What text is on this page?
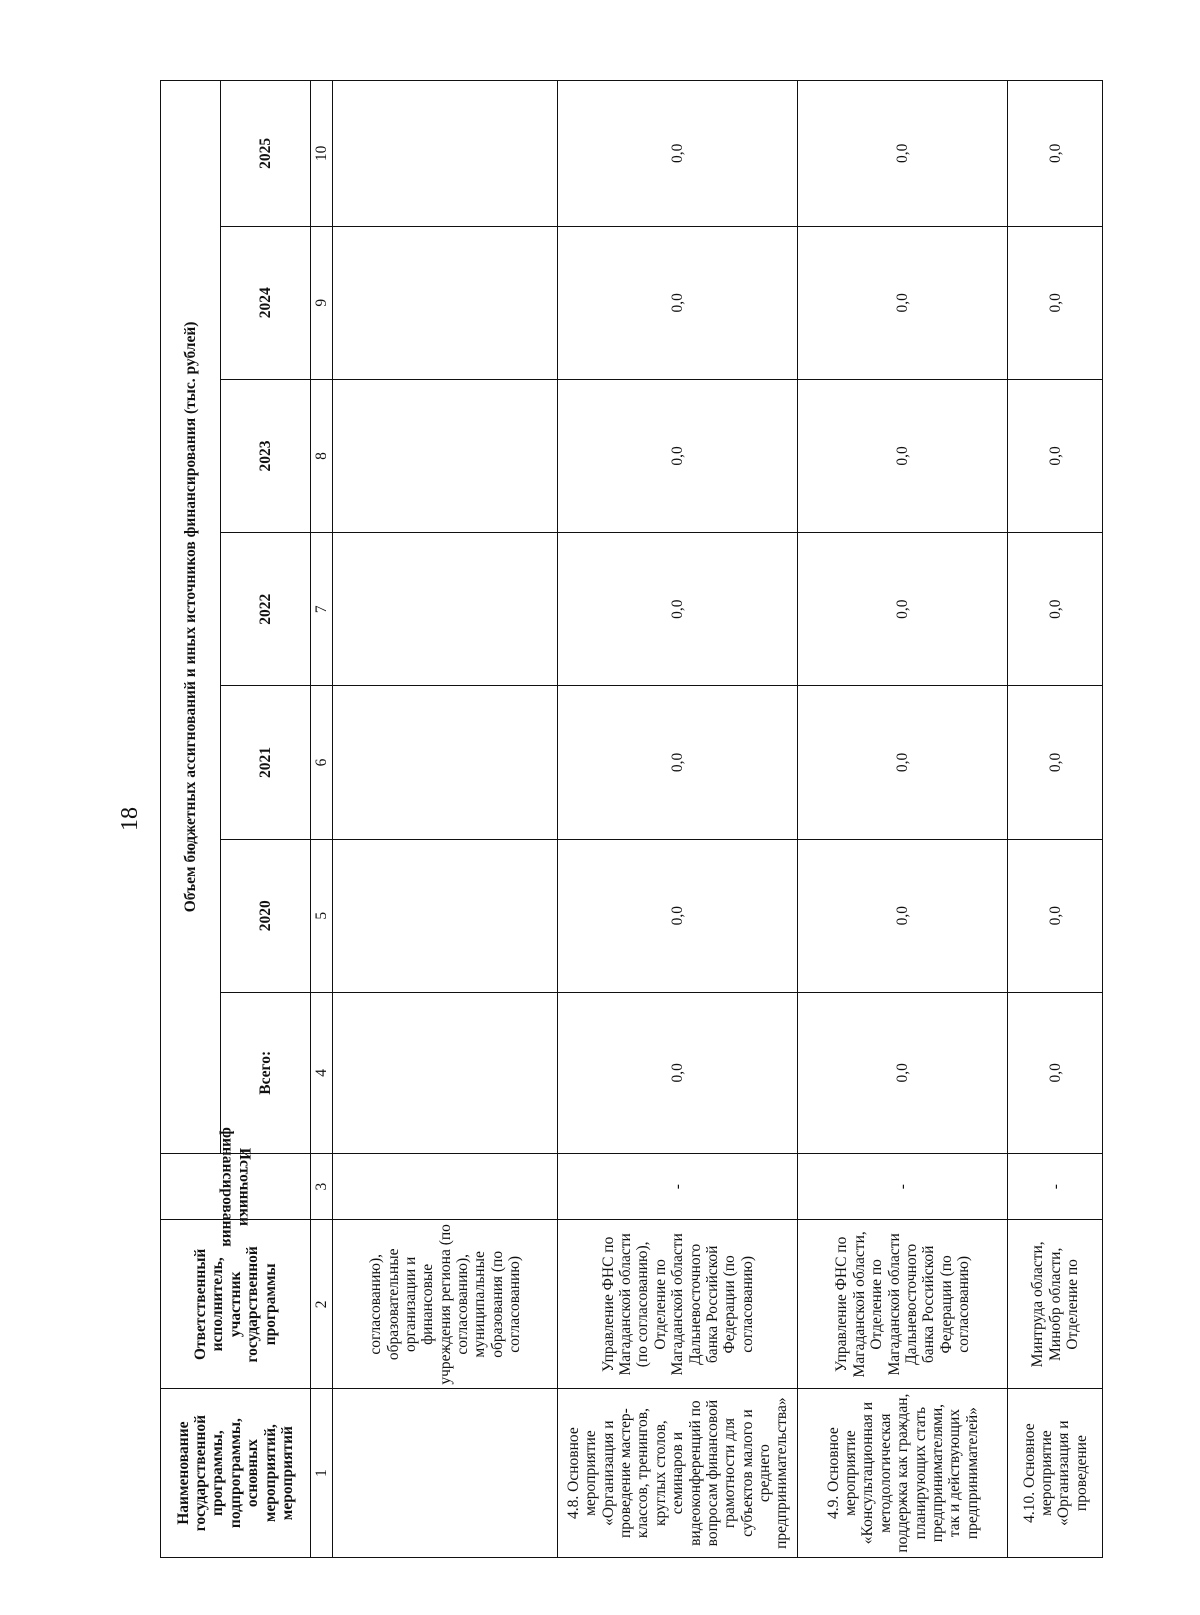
18
Наименование государственной программы, подпрограммы, основных мероприятий, мероприятий	Ответственный исполнитель, участник государственной программы	Источники финансирования	Объем бюджетных ассигнований и иных источников финансирования (тыс. рублей)						
			Всего:	2020	2021	2022	2023	2024	2025
1	2	3	4	5	6	7	8	9	10
	согласованию), образовательные организации и финансовые учреждения региона (по согласованию), муниципальные образования (по согласованию)								
4.8. Основное мероприятие «Организация и проведение мастер-классов, тренингов, круглых столов, семинаров и видеоконференций по вопросам финансовой грамотности для субъектов малого и среднего предпринимательства»	Управление ФНС по Магаданской области (по согласованию), Отделение по Магаданской области Дальневосточного банка Российской Федерации (по согласованию)	-	0,0	0,0	0,0	0,0	0,0	0,0	0,0
4.9. Основное мероприятие «Консультационная и методологическая поддержка как граждан, планирующих стать предпринимателями, так и действующих предпринимателей»	Управление ФНС по Магаданской области, Отделение по Магаданской области Дальневосточного банка Российской Федерации (по согласованию)	-	0,0	0,0	0,0	0,0	0,0	0,0	0,0
4.10. Основное мероприятие «Организация и проведение	Минтруда области, Минобр области, Отделение по	-	0,0	0,0	0,0	0,0	0,0	0,0	0,0
